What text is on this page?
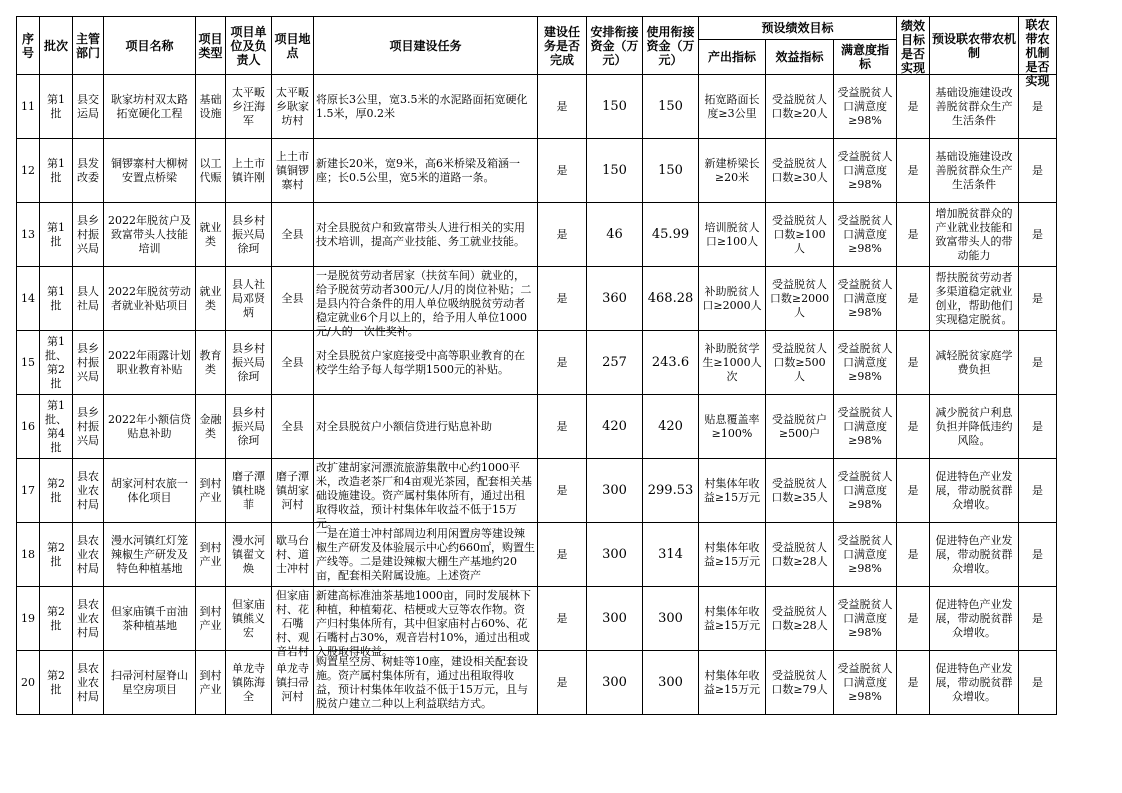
序号	批次	主管部门	项目名称	项目类型	项目单位及负责人	项目地点	项目建设任务	建设任务是否完成	安排衔接资金（万元）	使用衔接资金（万元）	预设绩效目标			绩效目标是否实现	预设联农带农机制	联农带农机制是否实现

											产出指标	效益指标	满意度指标			

11	第1批	县交运局	耿家坊村双太路拓宽硬化工程	基础设施	太平畈乡汪海军	太平畈乡耿家坊村	将原长3公里，宽3.5米的水泥路面拓宽硬化1.5米，厚0.2米	是	150	150	拓宽路面长度≥3公里	受益脱贫人口数≥20人	受益脱贫人口满意度≥98%	是	基础设施建设改善脱贫群众生产生活条件	是

12	第1批	县发改委	铜锣寨村大柳树安置点桥梁	以工代赈	上土市镇许刚	上土市镇铜锣寨村	新建长20米，宽9米，高6米桥梁及箱涵一座；长0.5公里，宽5米的道路一条。	是	150	150	新建桥梁长≥20米	受益脱贫人口数≥30人	受益脱贫人口满意度≥98%	是	基础设施建设改善脱贫群众生产生活条件	是

13	第1批	县乡村振兴局	2022年脱贫户及致富带头人技能培训	就业类	县乡村振兴局徐珂	全县	对全县脱贫户和致富带头人进行相关的实用技术培训，提高产业技能、务工就业技能。	是	46	45.99	培训脱贫人口≥100人	受益脱贫人口数≥100人	受益脱贫人口满意度≥98%	是	增加脱贫群众的产业就业技能和致富带头人的带动能力	是

14	第1批	县人社局	2022年脱贫劳动者就业补贴项目	就业类	县人社局邓贤炳	全县	一是脱贫劳动者居家（扶贫车间）就业的，给予脱贫劳动者300元/人/月的岗位补贴；二是县内符合条件的用人单位吸纳脱贫劳动者稳定就业6个月以上的，给予用人单位1000元/人的一次性奖补。	是	360	468.28	补助脱贫人口≥2000人	受益脱贫人口数≥2000人	受益脱贫人口满意度≥98%	是	帮扶脱贫劳动者多渠道稳定就业创业，帮助他们实现稳定脱贫。	是

15	第1批、第2批	县乡村振兴局	2022年雨露计划职业教育补贴	教育类	县乡村振兴局徐珂	全县	对全县脱贫户家庭接受中高等职业教育的在校学生给予每人每学期1500元的补贴。	是	257	243.6	补助脱贫学生≥1000人次	受益脱贫人口数≥500人	受益脱贫人口满意度≥98%	是	减轻脱贫家庭学费负担	是

16	第1批、第4批	县乡村振兴局	2022年小额信贷贴息补助	金融类	县乡村振兴局徐珂	全县	对全县脱贫户小额信贷进行贴息补助	是	420	420	贴息覆盖率≥100%	受益脱贫户≥500户	受益脱贫人口满意度≥98%	是	减少脱贫户利息负担并降低违约风险。	是

17	第2批	县农业农村局	胡家河村农旅一体化项目	到村产业	磨子潭镇杜晓菲	磨子潭镇胡家河村	改扩建胡家河漂流旅游集散中心约1000平米，改造老茶厂和4亩观光茶园，配套相关基础设施建设。资产属村集体所有，通过出租取得收益，预计村集体年收益不低于15万元。	是	300	299.53	村集体年收益≥15万元	受益脱贫人口数≥35人	受益脱贫人口满意度≥98%	是	促进特色产业发展，带动脱贫群众增收。	是

18	第2批	县农业农村局	漫水河镇红灯笼辣椒生产研发及特色种植基地	到村产业	漫水河镇翟文焕	歇马台村、道士冲村	一是在道士冲村部周边利用闲置房等建设辣椒生产研发及体验展示中心约660㎡，购置生产线等。二是建设辣椒大棚生产基地约20亩，配套相关附属设施。上述资产	是	300	314	村集体年收益≥15万元	受益脱贫人口数≥28人	受益脱贫人口满意度≥98%	是	促进特色产业发展，带动脱贫群众增收。	是

19	第2批	县农业农村局	但家庙镇千亩油茶种植基地	到村产业	但家庙镇熊义宏	但家庙村、花石嘴村、观音岩村	新建高标准油茶基地1000亩，同时发展林下种植，种植菊花、桔梗或大豆等农作物。资产归村集体所有，其中但家庙村占60%、花石嘴村占30%，观音岩村10%，通过出租或入股取得收益。	是	300	300	村集体年收益≥15万元	受益脱贫人口数≥28人	受益脱贫人口满意度≥98%	是	促进特色产业发展，带动脱贫群众增收。	是

20	第2批	县农业农村局	扫帚河村屋脊山星空房项目	到村产业	单龙寺镇陈海全	单龙寺镇扫帚河村	购置星空房、树蛙等10座，建设相关配套设施。资产属村集体所有，通过出租取得收益，预计村集体年收益不低于15万元，且与脱贫户建立二种以上利益联结方式。	是	300	300	村集体年收益≥15万元	受益脱贫人口数≥79人	受益脱贫人口满意度≥98%	是	促进特色产业发展，带动脱贫群众增收。	是
